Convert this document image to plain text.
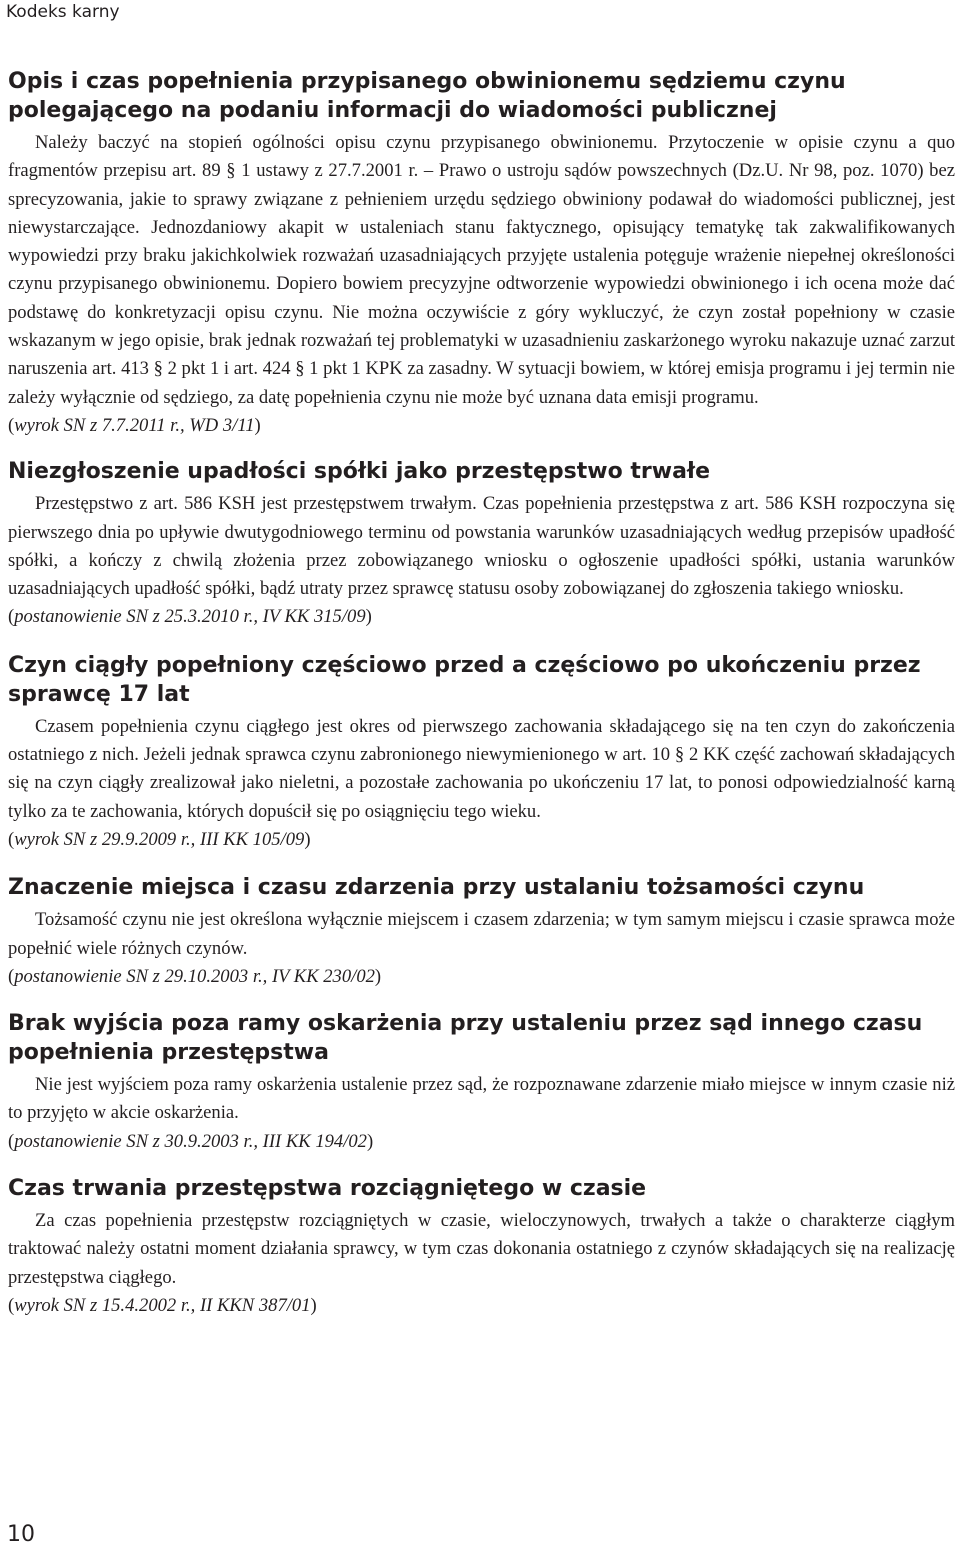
Kodeks karny
Opis i czas popełnienia przypisanego obwinionemu sędziemu czynu polegającego na podaniu informacji do wiadomości publicznej

Należy baczyć na stopień ogólności opisu czynu przypisanego obwinionemu. Przytoczenie w opisie czynu a quo fragmentów przepisu art. 89 § 1 ustawy z 27.7.2001 r. – Prawo o ustroju sądów powszechnych (Dz.U. Nr 98, poz. 1070) bez sprecyzowania, jakie to sprawy związane z pełnieniem urzędu sędziego obwiniony podawał do wiadomości publicznej, jest niewystarczające. Jednozdaniowy akapit w ustaleniach stanu faktycznego, opisujący tematykę tak zakwalifikowanych wypowiedzi przy braku jakichkolwiek rozważań uzasadniających przyjęte ustalenia potęguje wrażenie niepełnej określoności czynu przypisanego obwinionemu. Dopiero bowiem precyzyjne odtworzenie wypowiedzi obwinionego i ich ocena może dać podstawę do konkretyzacji opisu czynu. Nie można oczywiście z góry wykluczyć, że czyn został popełniony w czasie wskazanym w jego opisie, brak jednak rozważań tej problematyki w uzasadnieniu zaskarżonego wyroku nakazuje uznać zarzut naruszenia art. 413 § 2 pkt 1 i art. 424 § 1 pkt 1 KPK za zasadny. W sytuacji bowiem, w której emisja programu i jej termin nie zależy wyłącznie od sędziego, za datę popełnienia czynu nie może być uznana data emisji programu.

(wyrok SN z 7.7.2011 r., WD 3/11)

Niezgłoszenie upadłości spółki jako przestępstwo trwałe

Przestępstwo z art. 586 KSH jest przestępstwem trwałym. Czas popełnienia przestępstwa z art. 586 KSH rozpoczyna się pierwszego dnia po upływie dwutygodniowego terminu od powstania warunków uzasadniających według przepisów upadłość spółki, a kończy z chwilą złożenia przez zobowiązanego wniosku o ogłoszenie upadłości spółki, ustania warunków uzasadniających upadłość spółki, bądź utraty przez sprawcę statusu osoby zobowiązanej do zgłoszenia takiego wniosku.

(postanowienie SN z 25.3.2010 r., IV KK 315/09)

Czyn ciągły popełniony częściowo przed a częściowo po ukończeniu przez sprawcę 17 lat

Czasem popełnienia czynu ciągłego jest okres od pierwszego zachowania składającego się na ten czyn do zakończenia ostatniego z nich. Jeżeli jednak sprawca czynu zabronionego niewymienionego w art. 10 § 2 KK część zachowań składających się na czyn ciągły zrealizował jako nieletni, a pozostałe zachowania po ukończeniu 17 lat, to ponosi odpowiedzialność karną tylko za te zachowania, których dopuścił się po osiągnięciu tego wieku.

(wyrok SN z 29.9.2009 r., III KK 105/09)

Znaczenie miejsca i czasu zdarzenia przy ustalaniu tożsamości czynu

Tożsamość czynu nie jest określona wyłącznie miejscem i czasem zdarzenia; w tym samym miejscu i czasie sprawca może popełnić wiele różnych czynów.

(postanowienie SN z 29.10.2003 r., IV KK 230/02)

Brak wyjścia poza ramy oskarżenia przy ustaleniu przez sąd innego czasu popełnienia przestępstwa

Nie jest wyjściem poza ramy oskarżenia ustalenie przez sąd, że rozpoznawane zdarzenie miało miejsce w innym czasie niż to przyjęto w akcie oskarżenia.

(postanowienie SN z 30.9.2003 r., III KK 194/02)

Czas trwania przestępstwa rozciągniętego w czasie

Za czas popełnienia przestępstw rozciągniętych w czasie, wieloczynowych, trwałych a także o charakterze ciągłym traktować należy ostatni moment działania sprawcy, w tym czas dokonania ostatniego z czynów składających się na realizację przestępstwa ciągłego.

(wyrok SN z 15.4.2002 r., II KKN 387/01)

10
